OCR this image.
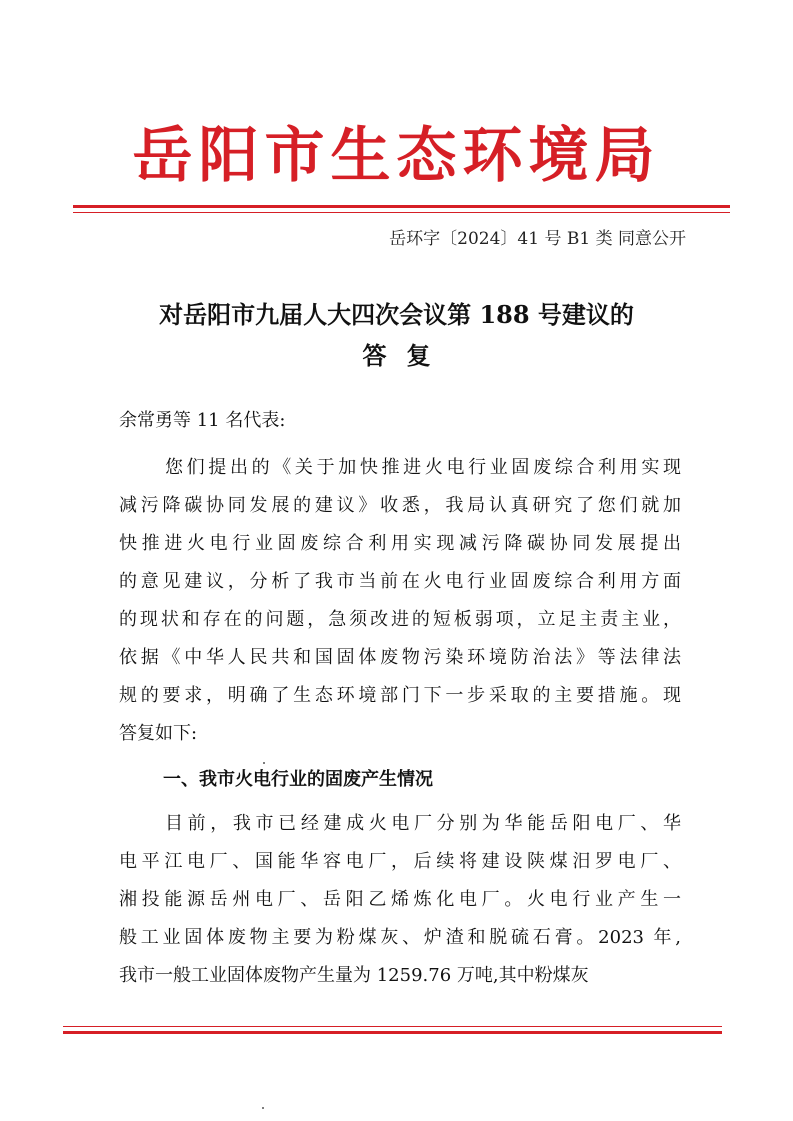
岳阳市生态环境局
岳环字〔2024〕41 号 B1 类 同意公开
对岳阳市九届人大四次会议第 188 号建议的
答复
余常勇等 11 名代表:
您们提出的《关于加快推进火电行业固废综合利用实现
减污降碳协同发展的建议》收悉，我局认真研究了您们就加
快推进火电行业固废综合利用实现减污降碳协同发展提出
的意见建议，分析了我市当前在火电行业固废综合利用方面
的现状和存在的问题，急须改进的短板弱项，立足主责主业，
依据《中华人民共和国固体废物污染环境防治法》等法律法
规的要求，明确了生态环境部门下一步采取的主要措施。现
答复如下:
一、我市火电行业的固废产生情况
目前，我市已经建成火电厂分别为华能岳阳电厂、华
电平江电厂、国能华容电厂，后续将建设陕煤汨罗电厂、
湘投能源岳州电厂、岳阳乙烯炼化电厂。火电行业产生一
般工业固体废物主要为粉煤灰、炉渣和脱硫石膏。2023 年,
我市一般工业固体废物产生量为 1259.76 万吨,其中粉煤灰
